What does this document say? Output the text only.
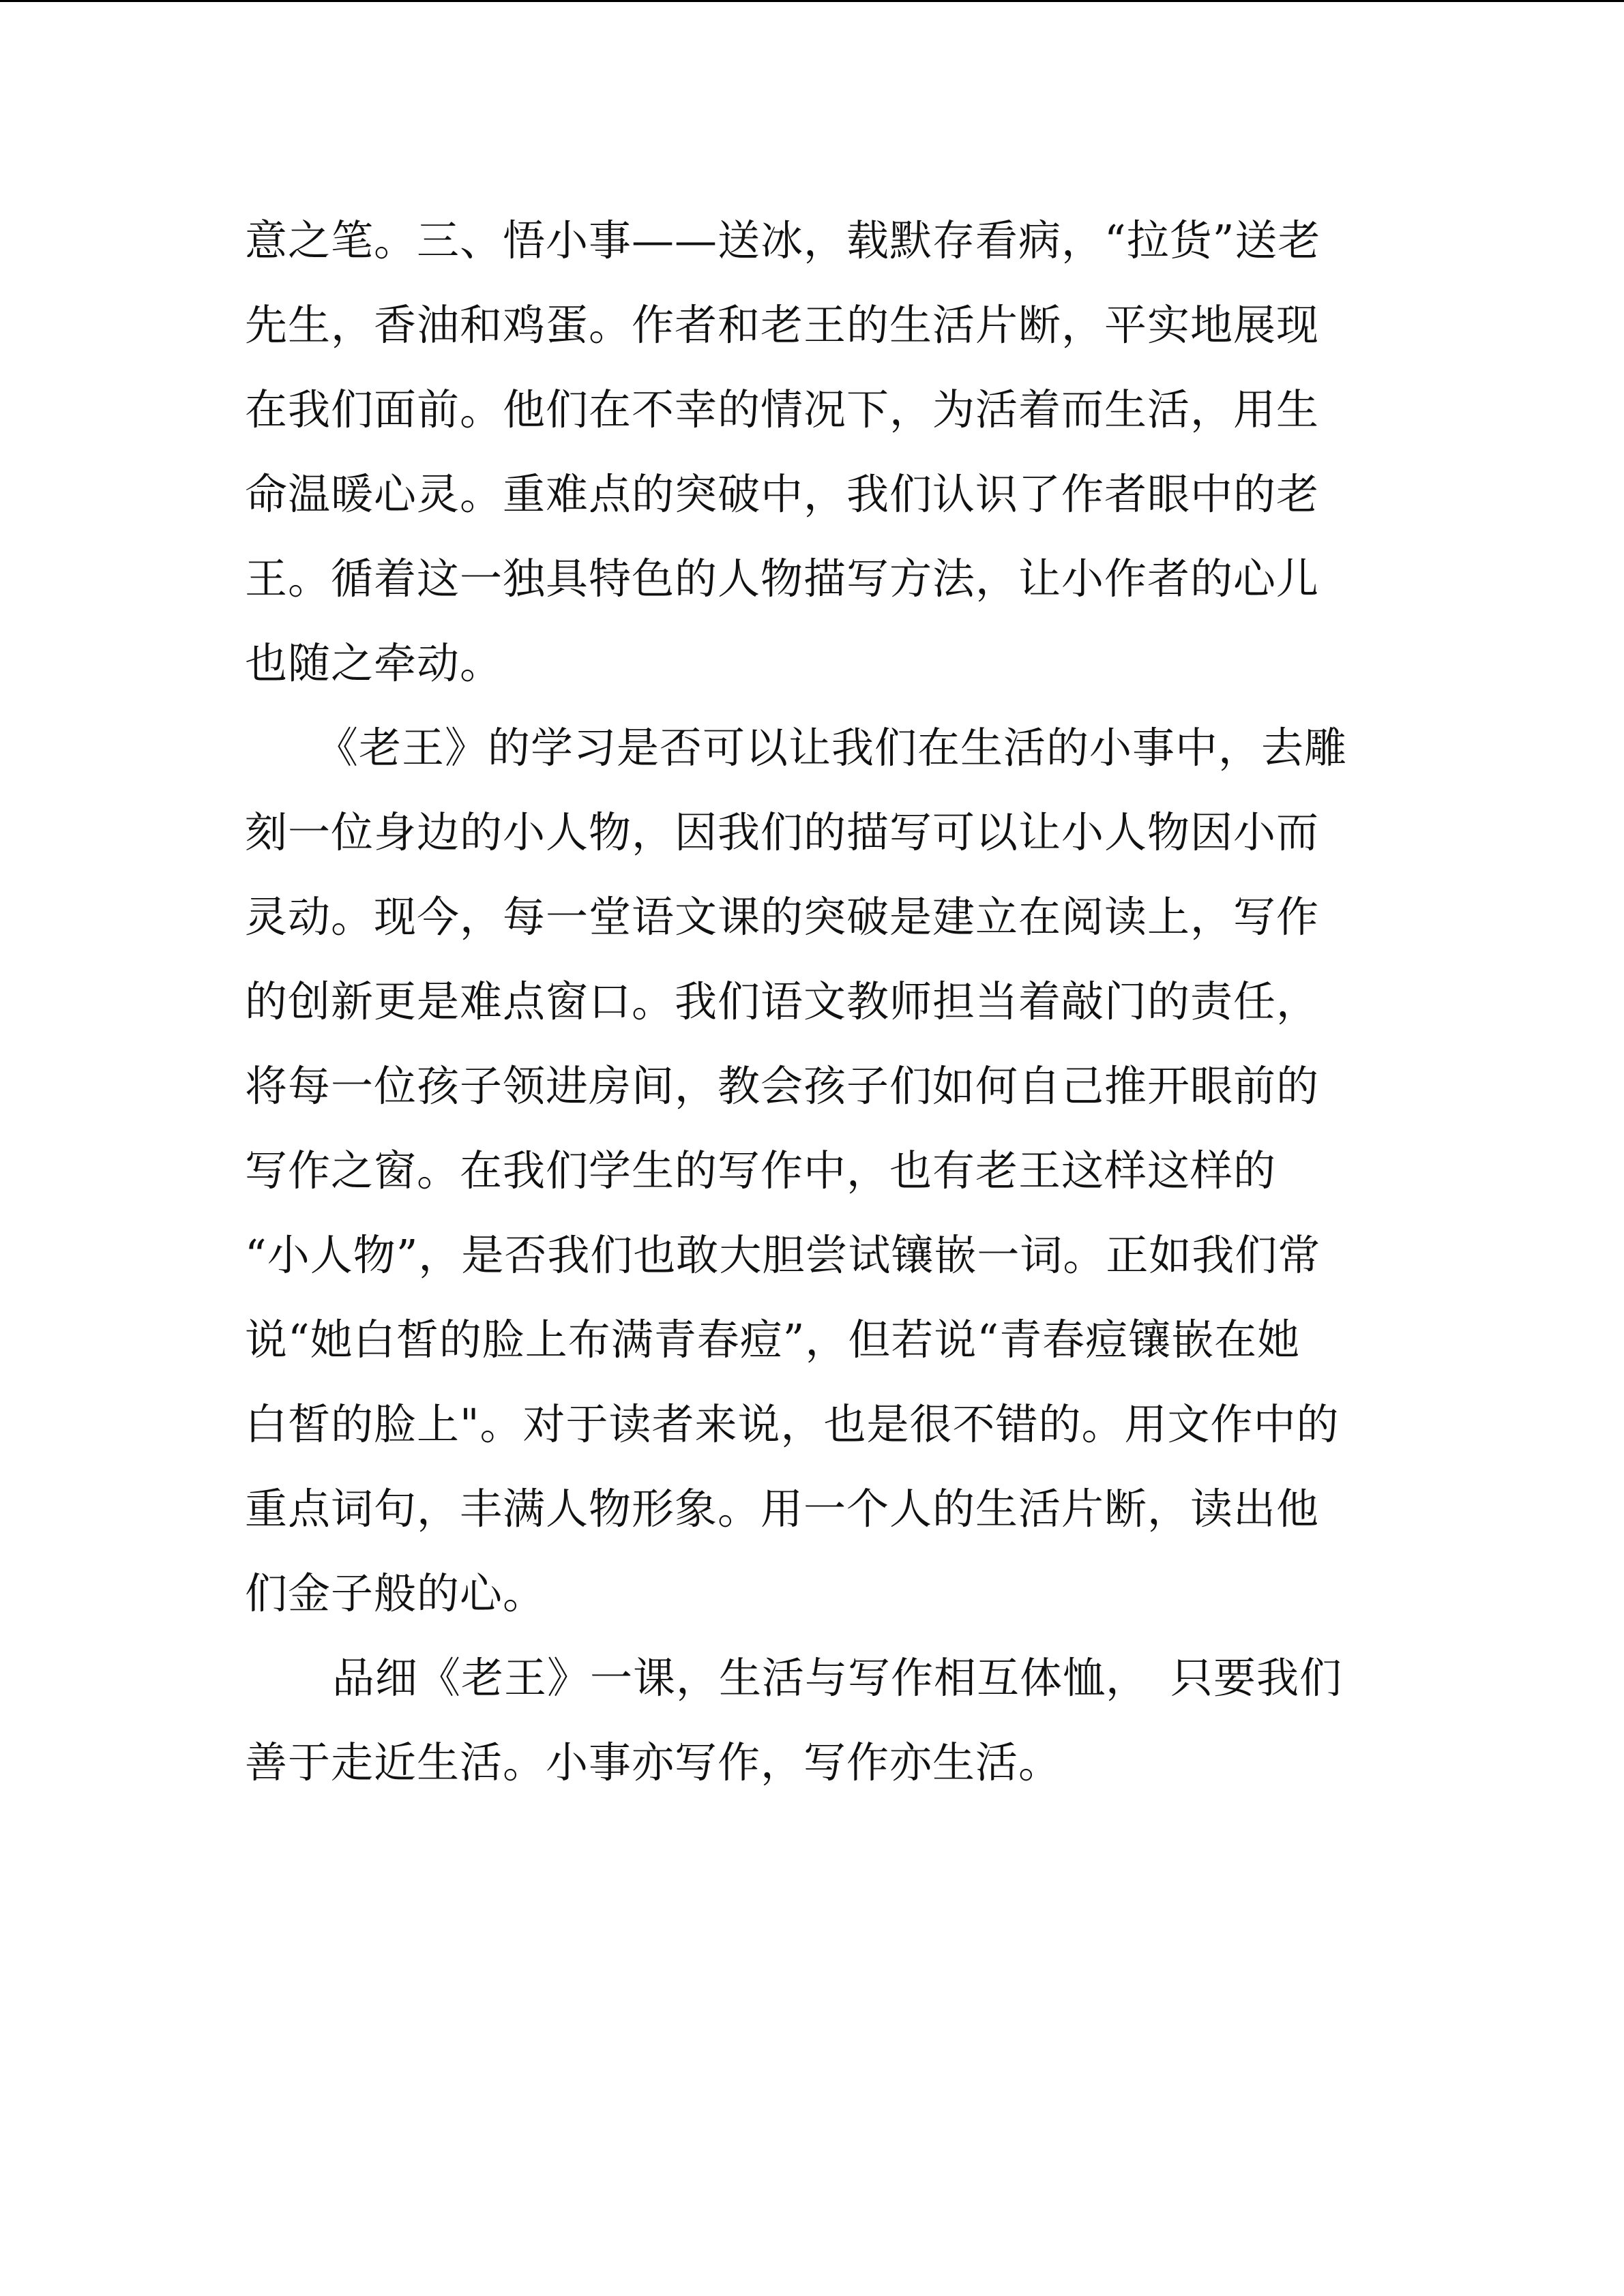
意之笔。三、悟小事——送冰，载默存看病，“拉货”送老
先生，香油和鸡蛋。作者和老王的生活片断，平实地展现
在我们面前。他们在不幸的情况下，为活着而生活，用生
命温暖心灵。重难点的突破中，我们认识了作者眼中的老
王。循着这一独具特色的人物描写方法，让小作者的心儿
也随之牵动。
《老王》的学习是否可以让我们在生活的小事中，去雕
刻一位身边的小人物，因我们的描写可以让小人物因小而
灵动。现今，每一堂语文课的突破是建立在阅读上，写作
的创新更是难点窗口。我们语文教师担当着敲门的责任，
将每一位孩子领进房间，教会孩子们如何自己推开眼前的
写作之窗。在我们学生的写作中，也有老王这样这样的
“小人物”，是否我们也敢大胆尝试镶嵌一词。正如我们常
说“她白皙的脸上布满青春痘”，但若说“青春痘镶嵌在她
白皙的脸上"。对于读者来说，也是很不错的。用文作中的
重点词句，丰满人物形象。用一个人的生活片断，读出他
们金子般的心。
品细《老王》一课，生活与写作相互体恤，　只要我们
善于走近生活。小事亦写作，写作亦生活。
